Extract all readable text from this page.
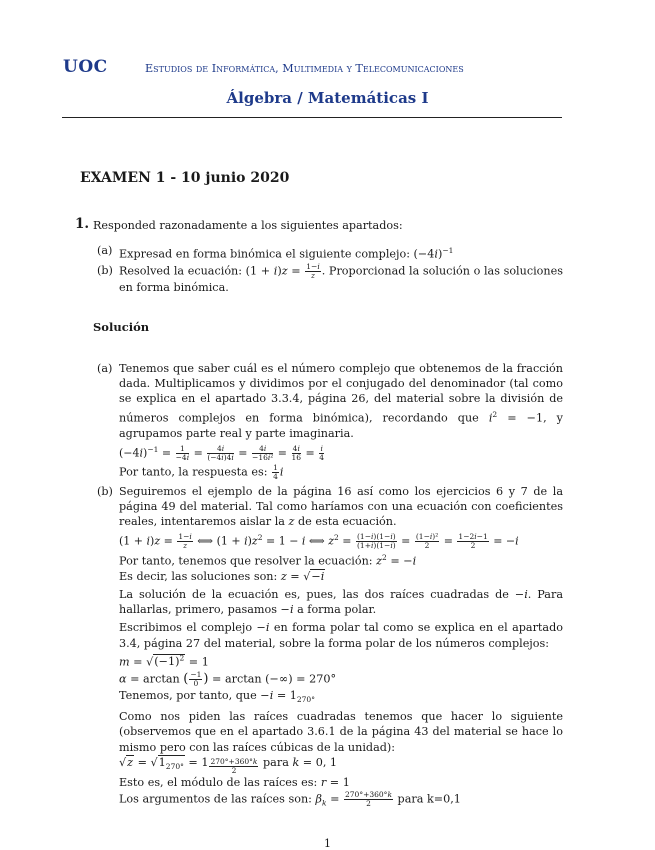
UOC	Estudios de Informática, Multimedia y Telecomunicaciones
Álgebra / Matemáticas I
EXAMEN 1 - 10 junio 2020
1. Responded razonadamente a los siguientes apartados:
(a) Expresad en forma binómica el siguiente complejo: $(-4i)^{-1}$
(b) Resolved la ecuación: $(1 + i)z = \frac{1-i}{z}$ . Proporcionad la solución o las soluciones en forma binómica.
Solución
(a) Tenemos que saber cuál es el número complejo que obtenemos de la fracción dada. Multiplicamos y dividimos por el conjugado del denominador (tal como se explica en el apartado 3.3.4, página 26, del material sobre la división de números complejos en forma binómica), recordando que $i^2 = -1$, y agrupamos parte real y parte imaginaria.
$(-4i)^{-1} = \frac{1}{-4i} = \frac{4i}{(-4i)4i} = \frac{4i}{\text{−16i²}} = \frac{4i}{16} = \frac{i}{4}$
Por tanto, la respuesta es: $\frac{1}{4}$ i
(b) Seguiremos el ejemplo de la página 16 así como los ejercicios 6 y 7 de la página 49 del material. Tal como haríamos con una ecuación con coeficientes reales, intentaremos aislar la z de esta ecuación.
$(1 + i)z = \frac{1-i}{z}$ ⟺ $(1 + i)z^2 = 1 - i$ ⟺ $z^2 = \frac{(1-i)(1-i)}{(1+i)(1-i)} = \frac{\text{(1−i)²}}{2} = \frac{1-2i-1}{2} = -i$
Por tanto, tenemos que resolver la ecuación: $z^2 = -i$
Es decir, las soluciones son: z = √−i
La solución de la ecuación es, pues, las dos raíces cuadradas de −i. Para hallarlas, primero, pasamos −i a forma polar.
Escribimos el complejo −i en forma polar tal como se explica en el apartado 3.4, página 27 del material, sobre la forma polar de los números complejos:
$m = √(-1)^2 = 1$
α = arctan ( $\frac{-1}{0}$ ) = arctan (−∞) = 270°
Tenemos, por tanto, que $-i = 1_{270^\circ}$
Como nos piden las raíces cuadradas tenemos que hacer lo siguiente (observemos que en el apartado 3.6.1 de la página 43 del material se hace lo mismo pero con las raíces cúbicas de la unidad):
$√z = √1_{270^\circ} = 1$ $_{\frac{270^\circ+360^\circ k}{2}}$ para k = 0, 1
Esto es, el módulo de las raíces es: r = 1
Los argumentos de las raíces son: $\beta_k = \frac{270^\circ+360^\circ k}{2}$ para k=0,1
1
